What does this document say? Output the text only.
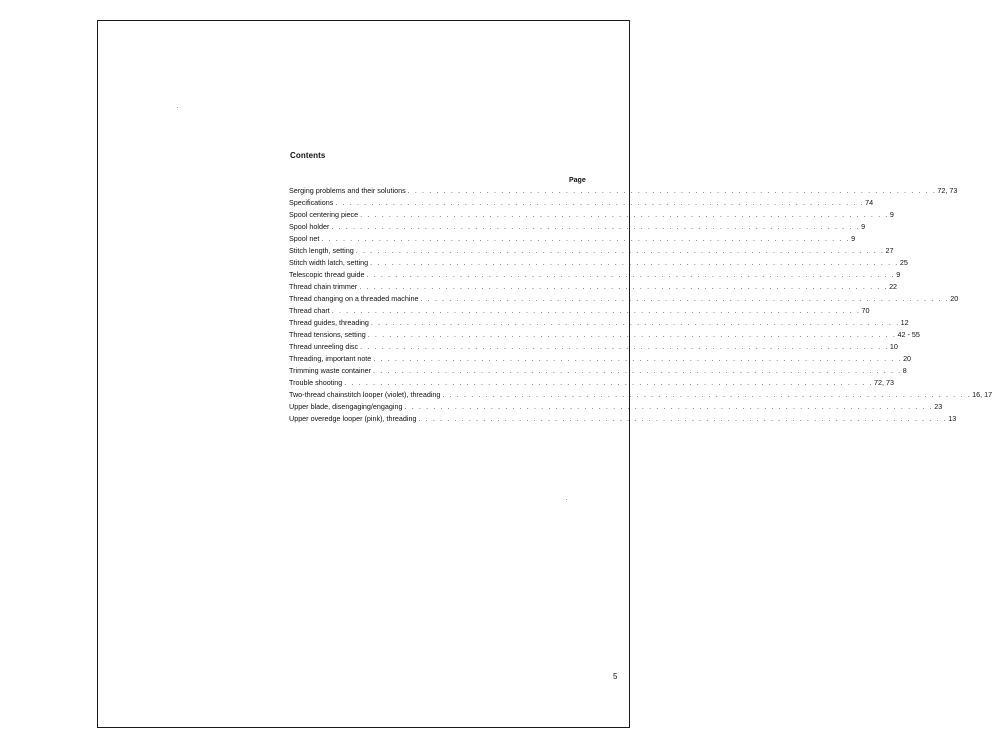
Contents
Page
Serging problems and their solutions . . . . . . . . . . . . . . . . . . . . . . . . . . . . . . . . . . . . . . . . . . . . . . . . . . . . . . . . . . . . . . . . . . . . . . . . . . 72, 73
Specifications . . . . . . . . . . . . . . . . . . . . . . . . . . . . . . . . . . . . . . . . . . . . . . . . . . . . . . . . . . . . . . . . . . . . . . . . . . 74
Spool centering piece . . . . . . . . . . . . . . . . . . . . . . . . . . . . . . . . . . . . . . . . . . . . . . . . . . . . . . . . . . . . . . . . . . . . . . . . . . 9
Spool holder . . . . . . . . . . . . . . . . . . . . . . . . . . . . . . . . . . . . . . . . . . . . . . . . . . . . . . . . . . . . . . . . . . . . . . . . . . 9
Spool net . . . . . . . . . . . . . . . . . . . . . . . . . . . . . . . . . . . . . . . . . . . . . . . . . . . . . . . . . . . . . . . . . . . . . . . . . . 9
Stitch length, setting . . . . . . . . . . . . . . . . . . . . . . . . . . . . . . . . . . . . . . . . . . . . . . . . . . . . . . . . . . . . . . . . . . . . . . . . . . 27
Stitch width latch, setting . . . . . . . . . . . . . . . . . . . . . . . . . . . . . . . . . . . . . . . . . . . . . . . . . . . . . . . . . . . . . . . . . . . . . . . . . . 25
Telescopic thread guide . . . . . . . . . . . . . . . . . . . . . . . . . . . . . . . . . . . . . . . . . . . . . . . . . . . . . . . . . . . . . . . . . . . . . . . . . . 9
Thread chain trimmer . . . . . . . . . . . . . . . . . . . . . . . . . . . . . . . . . . . . . . . . . . . . . . . . . . . . . . . . . . . . . . . . . . . . . . . . . . 22
Thread changing on a threaded machine . . . . . . . . . . . . . . . . . . . . . . . . . . . . . . . . . . . . . . . . . . . . . . . . . . . . . . . . . . . . . . . . . . . . . . . . . . 20
Thread chart . . . . . . . . . . . . . . . . . . . . . . . . . . . . . . . . . . . . . . . . . . . . . . . . . . . . . . . . . . . . . . . . . . . . . . . . . . 70
Thread guides, threading . . . . . . . . . . . . . . . . . . . . . . . . . . . . . . . . . . . . . . . . . . . . . . . . . . . . . . . . . . . . . . . . . . . . . . . . . . 12
Thread tensions, setting . . . . . . . . . . . . . . . . . . . . . . . . . . . . . . . . . . . . . . . . . . . . . . . . . . . . . . . . . . . . . . . . . . . . . . . . . . 42 - 55
Thread unreeling disc . . . . . . . . . . . . . . . . . . . . . . . . . . . . . . . . . . . . . . . . . . . . . . . . . . . . . . . . . . . . . . . . . . . . . . . . . . 10
Threading, important note . . . . . . . . . . . . . . . . . . . . . . . . . . . . . . . . . . . . . . . . . . . . . . . . . . . . . . . . . . . . . . . . . . . . . . . . . . 20
Trimming waste container . . . . . . . . . . . . . . . . . . . . . . . . . . . . . . . . . . . . . . . . . . . . . . . . . . . . . . . . . . . . . . . . . . . . . . . . . . 8
Trouble shooting . . . . . . . . . . . . . . . . . . . . . . . . . . . . . . . . . . . . . . . . . . . . . . . . . . . . . . . . . . . . . . . . . . . . . . . . . . 72, 73
Two-thread chainstitch looper (violet), threading . . . . . . . . . . . . . . . . . . . . . . . . . . . . . . . . . . . . . . . . . . . . . . . . . . . . . . . . . . . . . . . . . . . . . . . . . . 16, 17
Upper blade, disengaging/engaging . . . . . . . . . . . . . . . . . . . . . . . . . . . . . . . . . . . . . . . . . . . . . . . . . . . . . . . . . . . . . . . . . . . . . . . . . . 23
Upper overedge looper (pink), threading . . . . . . . . . . . . . . . . . . . . . . . . . . . . . . . . . . . . . . . . . . . . . . . . . . . . . . . . . . . . . . . . . . . . . . . . . . 13
5
